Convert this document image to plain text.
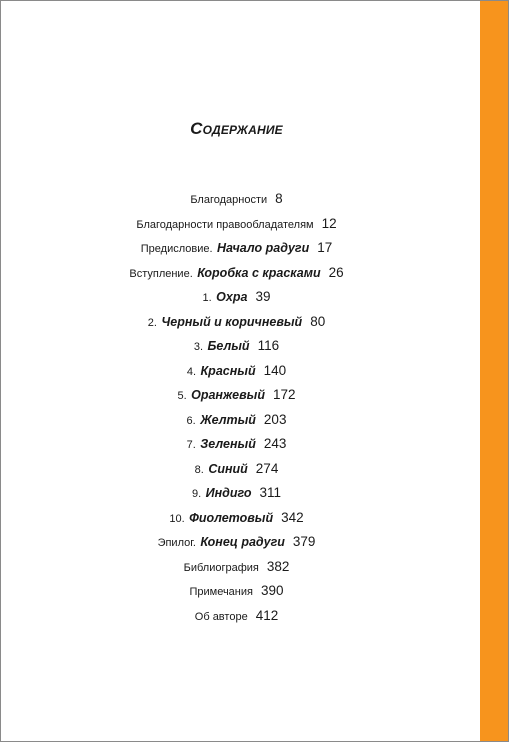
Содержание
Благодарности 8
Благодарности правообладателям 12
Предисловие. Начало радуги 17
Вступление. Коробка с красками 26
1. Охра 39
2. Черный и коричневый 80
3. Белый 116
4. Красный 140
5. Оранжевый 172
6. Желтый 203
7. Зеленый 243
8. Синий 274
9. Индиго 311
10. Фиолетовый 342
Эпилог. Конец радуги 379
Библиография 382
Примечания 390
Об авторе 412
